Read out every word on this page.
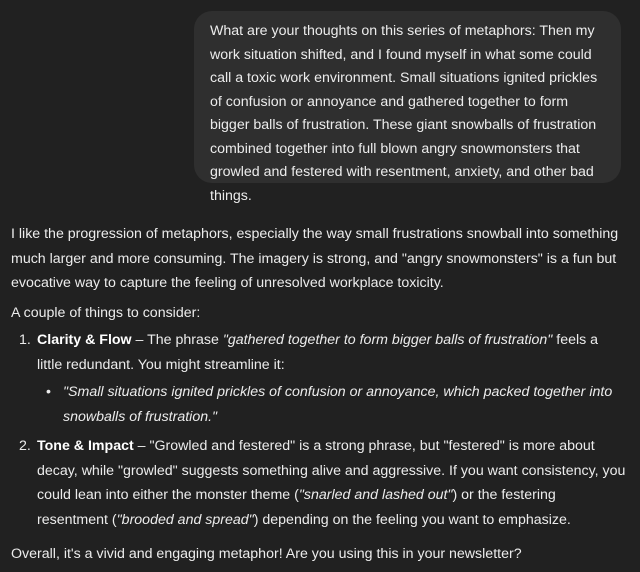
What are your thoughts on this series of metaphors: Then my work situation shifted, and I found myself in what some could call a toxic work environment. Small situations ignited prickles of confusion or annoyance and gathered together to form bigger balls of frustration. These giant snowballs of frustration combined together into full blown angry snowmonsters that growled and festered with resentment, anxiety, and other bad things.

I like the progression of metaphors, especially the way small frustrations snowball into something much larger and more consuming. The imagery is strong, and "angry snowmonsters" is a fun but evocative way to capture the feeling of unresolved workplace toxicity.

A couple of things to consider:

1. Clarity & Flow – The phrase "gathered together to form bigger balls of frustration" feels a little redundant. You might streamline it:
• "Small situations ignited prickles of confusion or annoyance, which packed together into snowballs of frustration."
2. Tone & Impact – "Growled and festered" is a strong phrase, but "festered" is more about decay, while "growled" suggests something alive and aggressive. If you want consistency, you could lean into either the monster theme ("snarled and lashed out") or the festering resentment ("brooded and spread") depending on the feeling you want to emphasize.

Overall, it's a vivid and engaging metaphor! Are you using this in your newsletter?
